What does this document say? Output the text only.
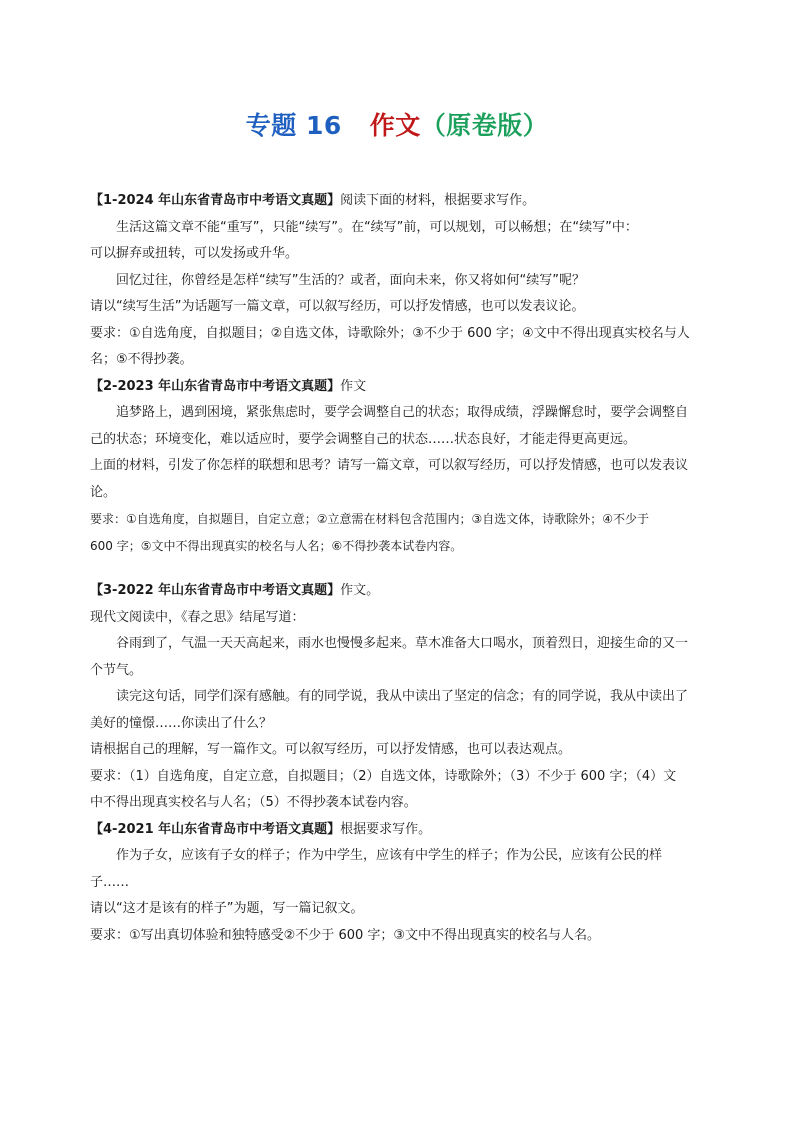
专题 16 作文（原卷版）
【1-2024 年山东省青岛市中考语文真题】阅读下面的材料，根据要求写作。
生活这篇文章不能“重写”，只能“续写”。在“续写”前，可以规划，可以畅想；在“续写”中：
可以摒弃或扭转，可以发扬或升华。
回忆过往，你曾经是怎样“续写”生活的？或者，面向未来，你又将如何“续写”呢？
请以“续写生活”为话题写一篇文章，可以叙写经历，可以抒发情感，也可以发表议论。
要求：①自选角度，自拟题目；②自选文体，诗歌除外；③不少于 600 字；④文中不得出现真实校名与人
名；⑤不得抄袭。
【2-2023 年山东省青岛市中考语文真题】作文
追梦路上，遇到困境，紧张焦虑时，要学会调整自己的状态；取得成绩，浮躁懈怠时，要学会调整自
己的状态；环境变化，难以适应时，要学会调整自己的状态……状态良好，才能走得更高更远。
上面的材料，引发了你怎样的联想和思考？请写一篇文章，可以叙写经历，可以抒发情感，也可以发表议
论。
要求：①自选角度，自拟题目，自定立意；②立意需在材料包含范围内；③自选文体，诗歌除外；④不少于
600 字；⑤文中不得出现真实的校名与人名；⑥不得抄袭本试卷内容。
【3-2022 年山东省青岛市中考语文真题】作文。
现代文阅读中，《春之思》结尾写道：
谷雨到了，气温一天天高起来，雨水也慢慢多起来。草木准备大口喝水，顶着烈日，迎接生命的又一
个节气。
读完这句话，同学们深有感触。有的同学说，我从中读出了坚定的信念；有的同学说，我从中读出了
美好的憧憬……你读出了什么？
请根据自己的理解，写一篇作文。可以叙写经历，可以抒发情感，也可以表达观点。
要求：（1）自选角度，自定立意，自拟题目；（2）自选文体，诗歌除外；（3）不少于 600 字；（4）文
中不得出现真实校名与人名；（5）不得抄袭本试卷内容。
【4-2021 年山东省青岛市中考语文真题】根据要求写作。
作为子女，应该有子女的样子；作为中学生，应该有中学生的样子；作为公民，应该有公民的样
子……
请以“这才是该有的样子”为题，写一篇记叙文。
要求：①写出真切体验和独特感受②不少于 600 字；③文中不得出现真实的校名与人名。
